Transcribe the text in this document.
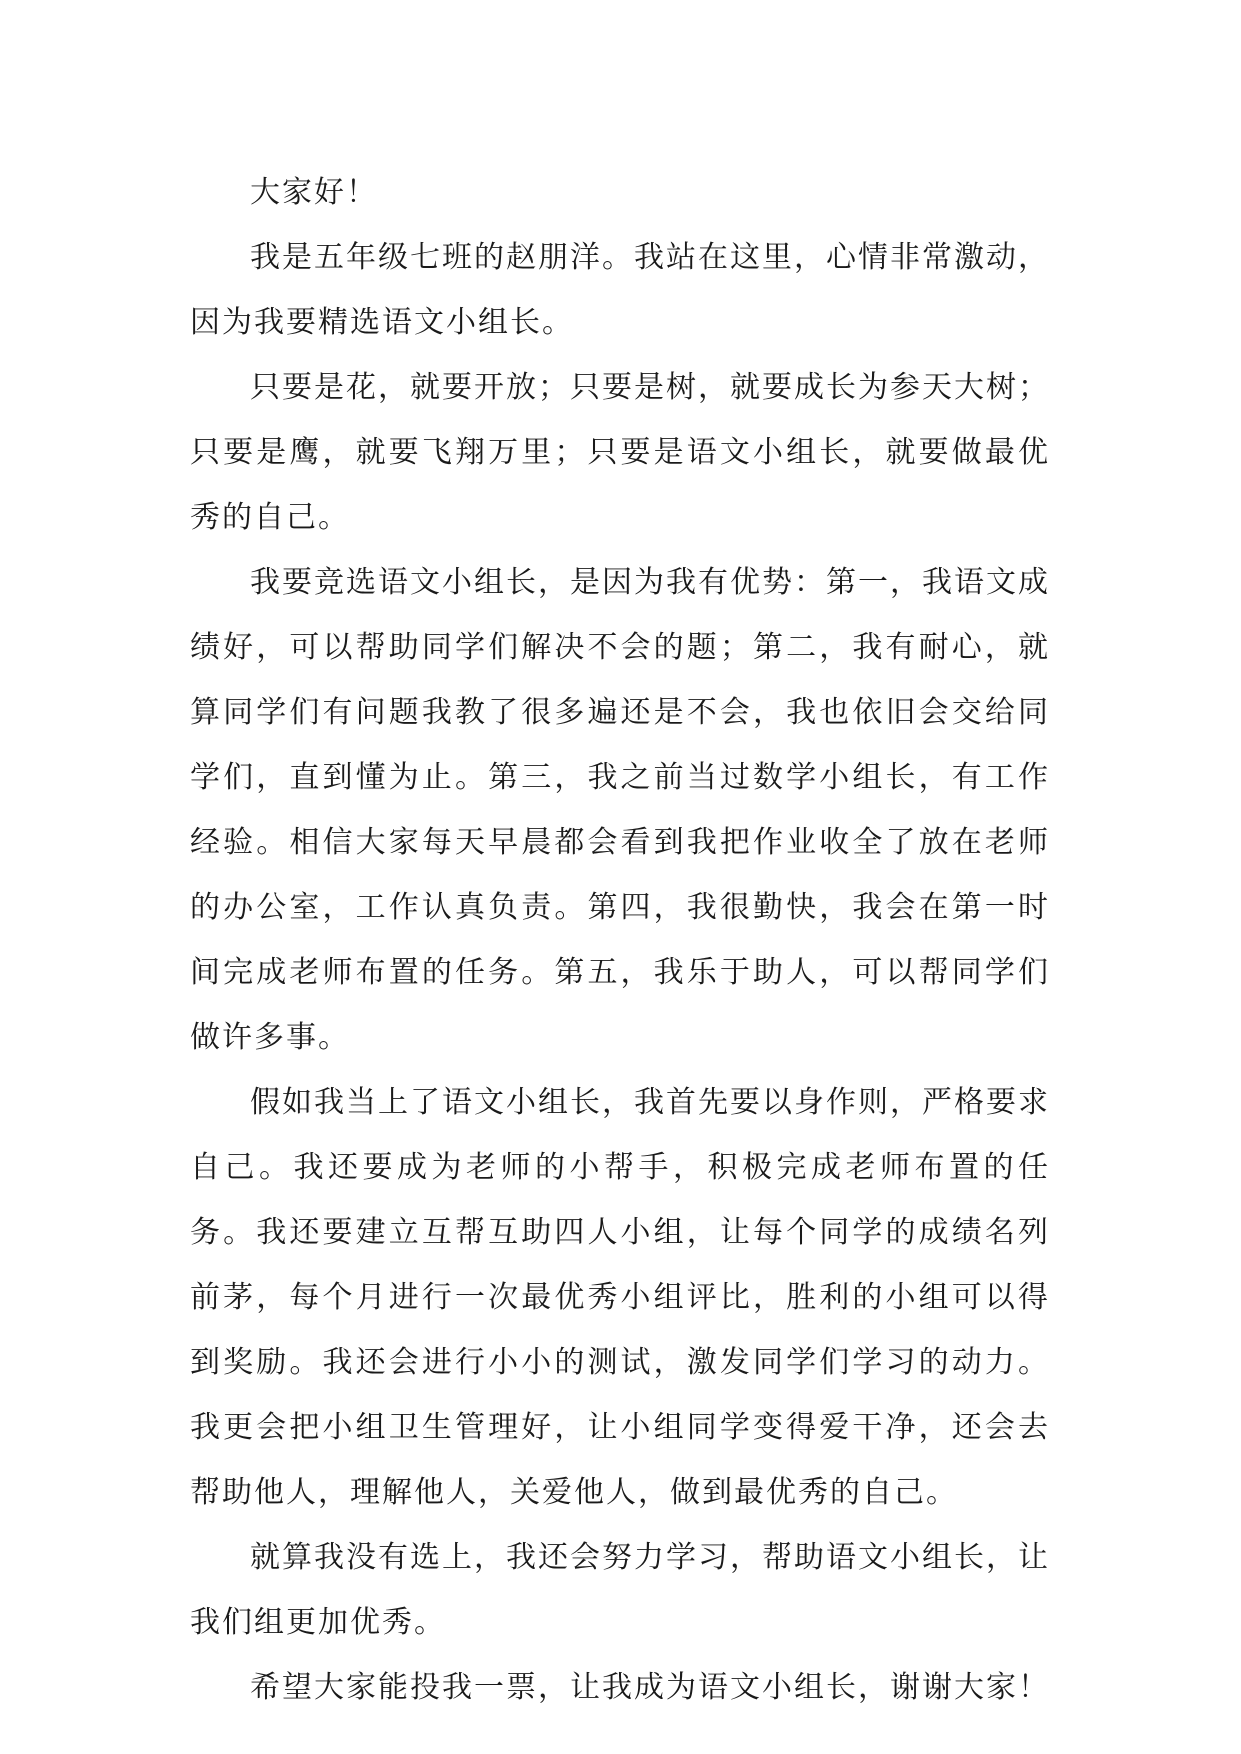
大家好！

我是五年级七班的赵朋洋。我站在这里，心情非常激动，因为我要精选语文小组长。

只要是花，就要开放；只要是树，就要成长为参天大树；只要是鹰，就要飞翔万里；只要是语文小组长，就要做最优秀的自己。

我要竞选语文小组长，是因为我有优势：第一，我语文成绩好，可以帮助同学们解决不会的题；第二，我有耐心，就算同学们有问题我教了很多遍还是不会，我也依旧会交给同学们，直到懂为止。第三，我之前当过数学小组长，有工作经验。相信大家每天早晨都会看到我把作业收全了放在老师的办公室，工作认真负责。第四，我很勤快，我会在第一时间完成老师布置的任务。第五，我乐于助人，可以帮同学们做许多事。

假如我当上了语文小组长，我首先要以身作则，严格要求自己。我还要成为老师的小帮手，积极完成老师布置的任务。我还要建立互帮互助四人小组，让每个同学的成绩名列前茅，每个月进行一次最优秀小组评比，胜利的小组可以得到奖励。我还会进行小小的测试，激发同学们学习的动力。我更会把小组卫生管理好，让小组同学变得爱干净，还会去帮助他人，理解他人，关爱他人，做到最优秀的自己。

就算我没有选上，我还会努力学习，帮助语文小组长，让我们组更加优秀。

希望大家能投我一票，让我成为语文小组长，谢谢大家！
